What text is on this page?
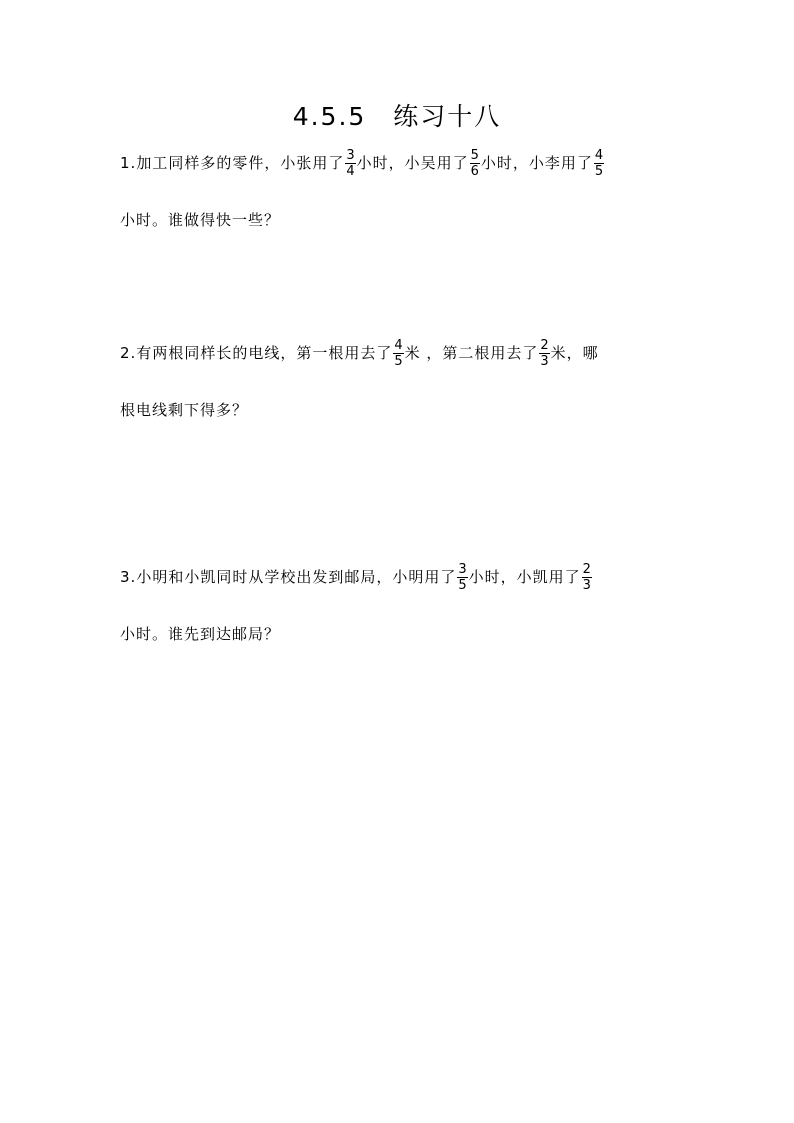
4.5.5　练习十八
1.加工同样多的零件，小张用了 $\frac{3}{4}$ 小时，小吴用了 $\frac{5}{6}$ 小时，小李用了 $\frac{4}{5}$
小时。谁做得快一些？
2.有两根同样长的电线，第一根用去了 $\frac{4}{5}$ 米 ，第二根用去了 $\frac{2}{3}$ 米，哪
根电线剩下得多？
3.小明和小凯同时从学校出发到邮局，小明用了 $\frac{3}{5}$ 小时，小凯用了 $\frac{2}{3}$
小时。谁先到达邮局？
